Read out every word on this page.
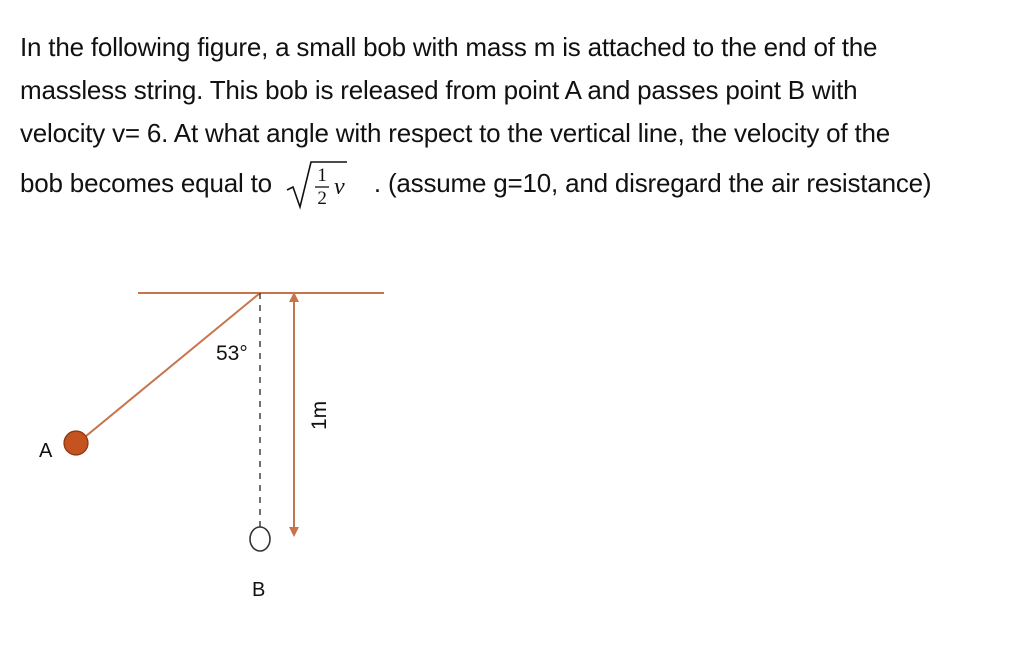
In the following figure, a small bob with mass m is attached to the end of the
massless string. This bob is released from point A and passes point B with
velocity v= 6. At what angle with respect to the vertical line, the velocity of the
bob becomes equal to 1
2 v . (assume g=10, and disregard the air resistance)
53°
1m
A
B
